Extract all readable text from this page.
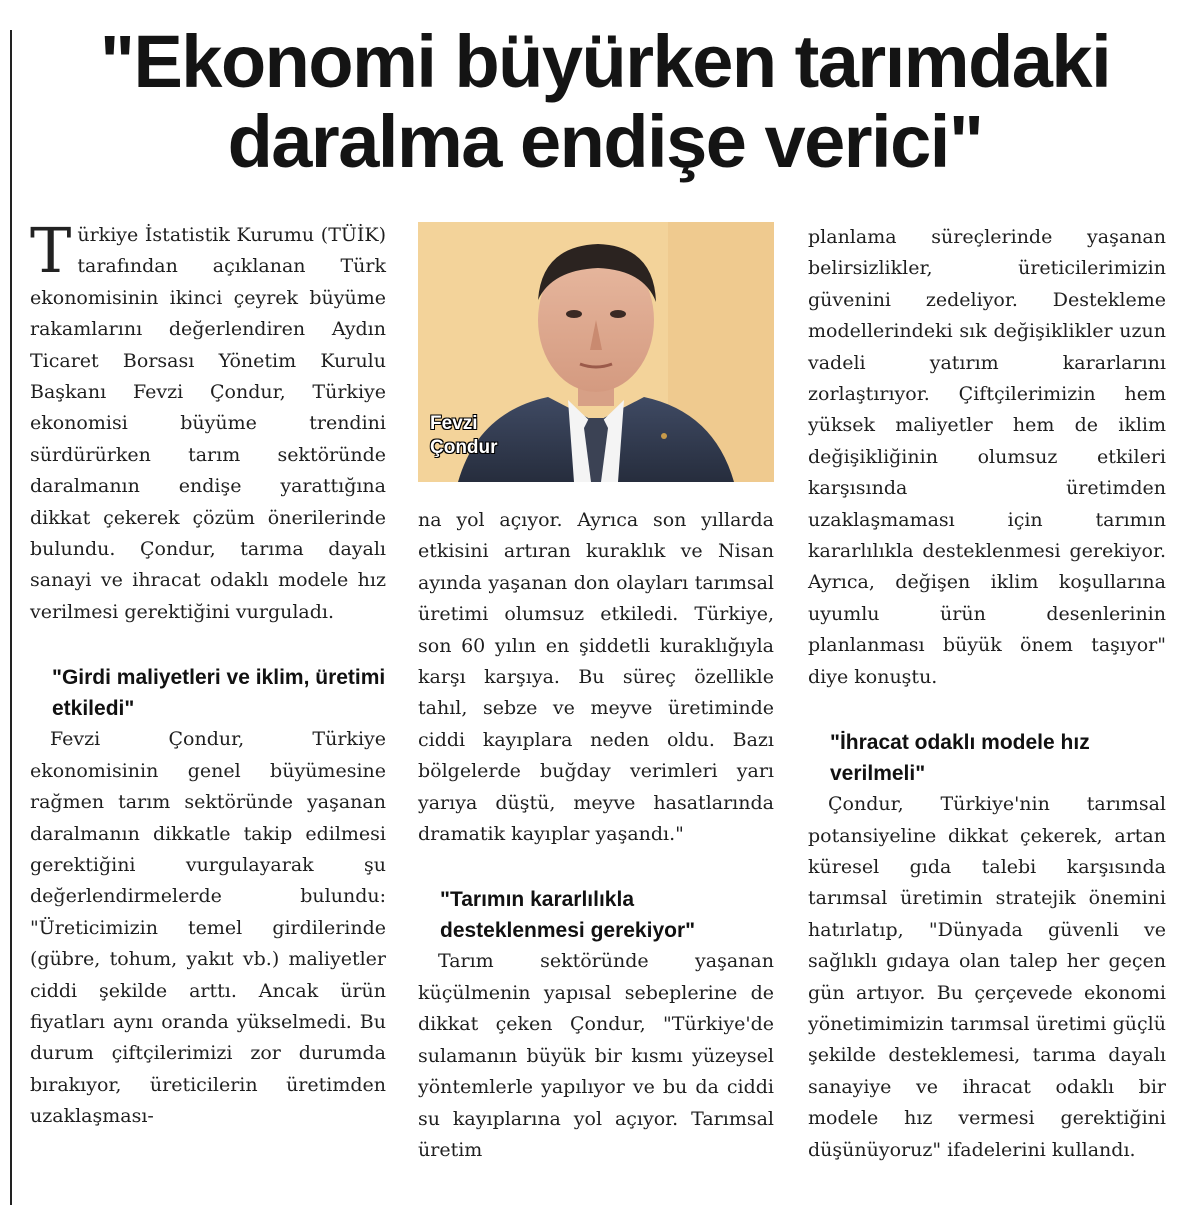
"Ekonomi büyürken tarımdaki daralma endişe verici"

Türkiye İstatistik Kurumu (TÜİK) tarafından açıklanan Türk ekonomisinin ikinci çeyrek büyüme rakamlarını değerlendiren Aydın Ticaret Borsası Yönetim Kurulu Başkanı Fevzi Çondur, Türkiye ekonomisi büyüme trendini sürdürürken tarım sektöründe daralmanın endişe yarattığına dikkat çekerek çözüm önerilerinde bulundu. Çondur, tarıma dayalı sanayi ve ihracat odaklı modele hız verilmesi gerektiğini vurguladı.

"Girdi maliyetleri ve iklim, üretimi etkiledi"

Fevzi Çondur, Türkiye ekonomisinin genel büyümesine rağmen tarım sektöründe yaşanan daralmanın dikkatle takip edilmesi gerektiğini vurgulayarak şu değerlendirmelerde bulundu: "Üreticimizin temel girdilerinde (gübre, tohum, yakıt vb.) maliyetler ciddi şekilde arttı. Ancak ürün fiyatları aynı oranda yükselmedi. Bu durum çiftçilerimizi zor durumda bırakıyor, üreticilerin üretimden uzaklaşması-

Fevzi
Çondur

na yol açıyor. Ayrıca son yıllarda etkisini artıran kuraklık ve Nisan ayında yaşanan don olayları tarımsal üretimi olumsuz etkiledi. Türkiye, son 60 yılın en şiddetli kuraklığıyla karşı karşıya. Bu süreç özellikle tahıl, sebze ve meyve üretiminde ciddi kayıplara neden oldu. Bazı bölgelerde buğday verimleri yarı yarıya düştü, meyve hasatlarında dramatik kayıplar yaşandı."

"Tarımın kararlılıkla desteklenmesi gerekiyor"

Tarım sektöründe yaşanan küçülmenin yapısal sebeplerine de dikkat çeken Çondur, "Türkiye'de sulamanın büyük bir kısmı yüzeysel yöntemlerle yapılıyor ve bu da ciddi su kayıplarına yol açıyor. Tarımsal üretim

planlama süreçlerinde yaşanan belirsizlikler, üreticilerimizin güvenini zedeliyor. Destekleme modellerindeki sık değişiklikler uzun vadeli yatırım kararlarını zorlaştırıyor. Çiftçilerimizin hem yüksek maliyetler hem de iklim değişikliğinin olumsuz etkileri karşısında üretimden uzaklaşmaması için tarımın kararlılıkla desteklenmesi gerekiyor. Ayrıca, değişen iklim koşullarına uyumlu ürün desenlerinin planlanması büyük önem taşıyor" diye konuştu.

"İhracat odaklı modele hız verilmeli"

Çondur, Türkiye'nin tarımsal potansiyeline dikkat çekerek, artan küresel gıda talebi karşısında tarımsal üretimin stratejik önemini hatırlatıp, "Dünyada güvenli ve sağlıklı gıdaya olan talep her geçen gün artıyor. Bu çerçevede ekonomi yönetimimizin tarımsal üretimi güçlü şekilde desteklemesi, tarıma dayalı sanayiye ve ihracat odaklı bir modele hız vermesi gerektiğini düşünüyoruz" ifadelerini kullandı.
